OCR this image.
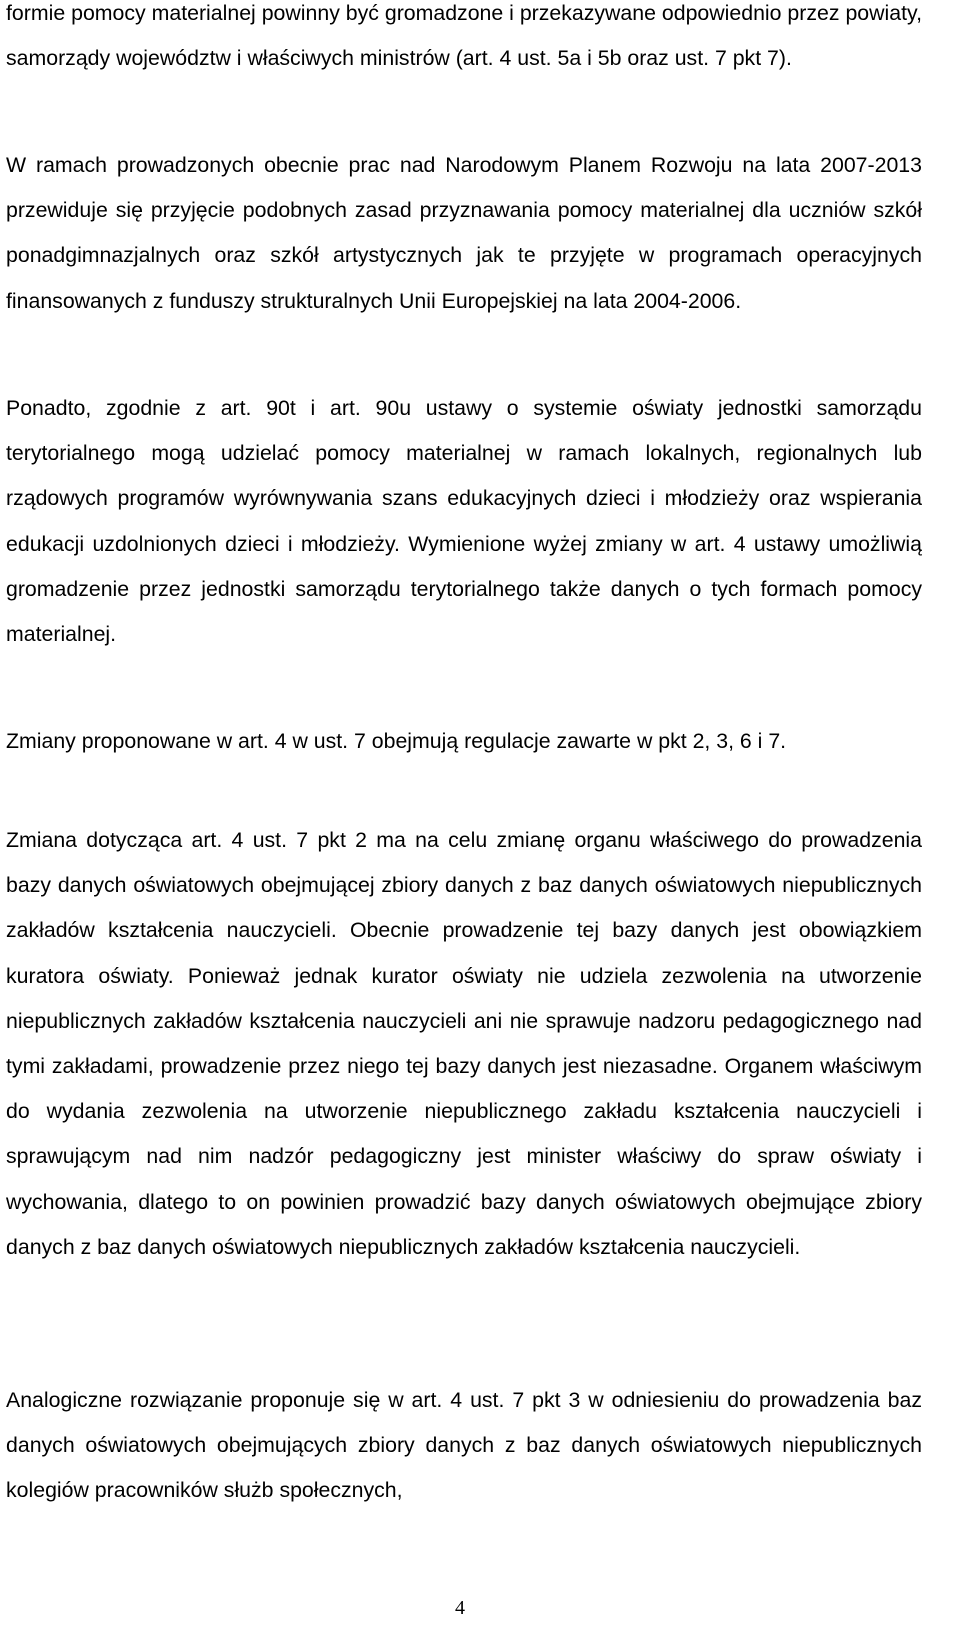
formie pomocy materialnej powinny być gromadzone i przekazywane odpowiednio przez powiaty, samorządy województw i właściwych ministrów (art. 4 ust. 5a i 5b oraz ust. 7 pkt 7).

W ramach prowadzonych obecnie prac nad Narodowym Planem Rozwoju na lata 2007-2013 przewiduje się przyjęcie podobnych zasad przyznawania pomocy materialnej dla uczniów szkół ponadgimnazjalnych oraz szkół artystycznych jak te przyjęte w programach operacyjnych finansowanych z funduszy strukturalnych Unii Europejskiej na lata 2004-2006.

Ponadto, zgodnie z art. 90t i art. 90u ustawy o systemie oświaty jednostki samorządu terytorialnego mogą udzielać pomocy materialnej w ramach lokalnych, regionalnych lub rządowych programów wyrównywania szans edukacyjnych dzieci i młodzieży oraz wspierania edukacji uzdolnionych dzieci i młodzieży. Wymienione wyżej zmiany w art. 4 ustawy umożliwią gromadzenie przez jednostki samorządu terytorialnego także danych o tych formach pomocy materialnej.

Zmiany proponowane w art. 4 w ust. 7 obejmują regulacje zawarte w pkt 2, 3, 6 i 7.

Zmiana dotycząca art. 4 ust. 7 pkt 2 ma na celu zmianę organu właściwego do prowadzenia bazy danych oświatowych obejmującej zbiory danych z baz danych oświatowych niepublicznych zakładów kształcenia nauczycieli. Obecnie prowadzenie tej bazy danych jest obowiązkiem kuratora oświaty. Ponieważ jednak kurator oświaty nie udziela zezwolenia na utworzenie niepublicznych zakładów kształcenia nauczycieli ani nie sprawuje nadzoru pedagogicznego nad tymi zakładami, prowadzenie przez niego tej bazy danych jest niezasadne. Organem właściwym do wydania zezwolenia na utworzenie niepublicznego zakładu kształcenia nauczycieli i sprawującym nad nim nadzór pedagogiczny jest minister właściwy do spraw oświaty i wychowania, dlatego to on powinien prowadzić bazy danych oświatowych obejmujące zbiory danych z baz danych oświatowych niepublicznych zakładów kształcenia nauczycieli.

Analogiczne rozwiązanie proponuje się w art. 4 ust. 7 pkt 3 w odniesieniu do prowadzenia baz danych oświatowych obejmujących zbiory danych z baz danych oświatowych niepublicznych kolegiów pracowników służb społecznych,

4
